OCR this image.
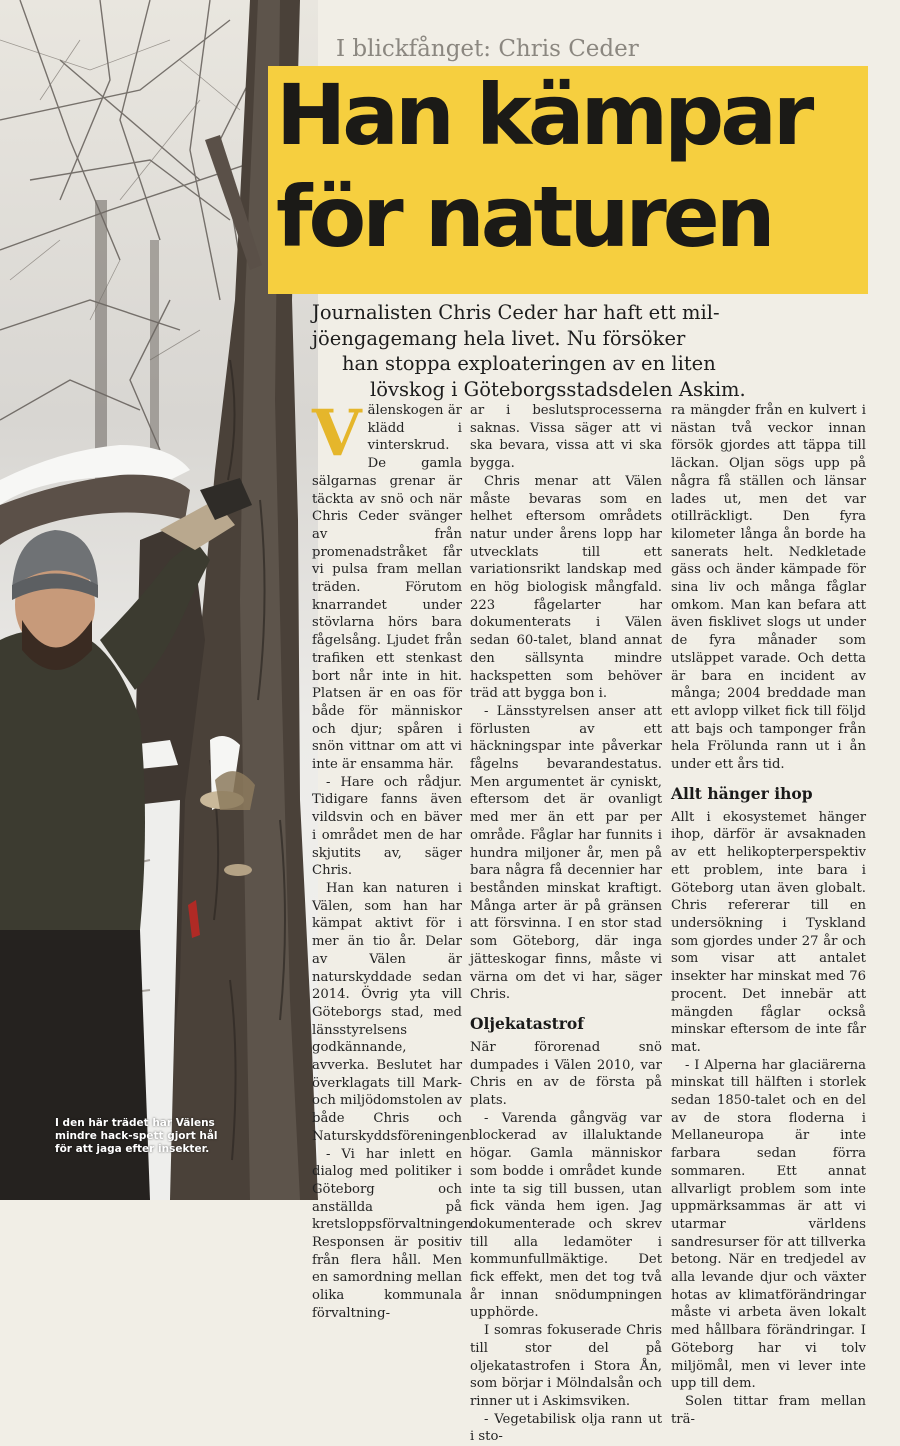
I den här trädet har Välens mindre hack-spett gjort hål för att jaga efter insekter.
I blickfånget: Chris Ceder
Han kämpar
för naturen
Journalisten Chris Ceder har haft ett mil-
jöengagemang hela livet. Nu försöker
han stoppa exploateringen av en liten
lövskog i Göteborgsstadsdelen Askim.
V älenskogen är klädd i vinterskrud. De gamla sälgarnas grenar är täckta av snö och när Chris Ceder svänger av från promenadstråket får vi pulsa fram mellan träden. Förutom knarrandet under stövlarna hörs bara fågelsång. Ljudet från trafiken ett stenkast bort når inte in hit. Platsen är en oas för både för människor och djur; spåren i snön vittnar om att vi inte är ensamma här.

- Hare och rådjur. Tidigare fanns även vildsvin och en bäver i området men de har skjutits av, säger Chris.

Han kan naturen i Välen, som han har kämpat aktivt för i mer än tio år. Delar av Välen är naturskyddade sedan 2014. Övrig yta vill Göteborgs stad, med länsstyrelsens godkännande, avverka. Beslutet har överklagats till Mark- och miljödomstolen av både Chris och Naturskyddsföreningen.

- Vi har inlett en dialog med politiker i Göteborg och anställda på kretsloppsförvaltningen. Responsen är positiv från flera håll. Men en samordning mellan olika kommunala förvaltning-

ar i beslutsprocesserna saknas. Vissa säger att vi ska bevara, vissa att vi ska bygga.

Chris menar att Välen måste bevaras som en helhet eftersom områdets natur under årens lopp har utvecklats till ett variationsrikt landskap med en hög biologisk mångfald. 223 fågelarter har dokumenterats i Välen sedan 60-talet, bland annat den sällsynta mindre hackspetten som behöver träd att bygga bon i.

- Länsstyrelsen anser att förlusten av ett häckningspar inte påverkar fågelns bevarandestatus. Men argumentet är cyniskt, eftersom det är ovanligt med mer än ett par per område. Fåglar har funnits i hundra miljoner år, men på bara några få decennier har bestånden minskat kraftigt. Många arter är på gränsen att försvinna. I en stor stad som Göteborg, där inga jätteskogar finns, måste vi värna om det vi har, säger Chris.

Oljekatastrof

När förorenad snö dumpades i Välen 2010, var Chris en av de första på plats.

- Varenda gångväg var blockerad av illaluktande högar. Gamla människor som bodde i området kunde inte ta sig till bussen, utan fick vända hem igen. Jag dokumenterade och skrev till alla ledamöter i kommunfullmäktige. Det fick effekt, men det tog två år innan snödumpningen upphörde.

I somras fokuserade Chris till stor del på oljekatastrofen i Stora Ån, som börjar i Mölndalsån och rinner ut i Askimsviken.

- Vegetabilisk olja rann ut i sto-

ra mängder från en kulvert i nästan två veckor innan försök gjordes att täppa till läckan. Oljan sögs upp på några få ställen och länsar lades ut, men det var otillräckligt. Den fyra kilometer långa ån borde ha sanerats helt. Nedkletade gäss och änder kämpade för sina liv och många fåglar omkom. Man kan befara att även fisklivet slogs ut under de fyra månader som utsläppet varade. Och detta är bara en incident av många; 2004 breddade man ett avlopp vilket fick till följd att bajs och tamponger från hela Frölunda rann ut i ån under ett års tid.

Allt hänger ihop

Allt i ekosystemet hänger ihop, därför är avsaknaden av ett helikopterperspektiv ett problem, inte bara i Göteborg utan även globalt. Chris refererar till en undersökning i Tyskland som gjordes under 27 år och som visar att antalet insekter har minskat med 76 procent. Det innebär att mängden fåglar också minskar eftersom de inte får mat.

- I Alperna har glaciärerna minskat till hälften i storlek sedan 1850-talet och en del av de stora floderna i Mellaneuropa är inte farbara sedan förra sommaren. Ett annat allvarligt problem som inte uppmärksammas är att vi utarmar världens sandresurser för att tillverka betong. När en tredjedel av alla levande djur och växter hotas av klimatförändringar måste vi arbeta även lokalt med hållbara förändringar. I Göteborg har vi tolv miljömål, men vi lever inte upp till dem.

Solen tittar fram mellan trä-
